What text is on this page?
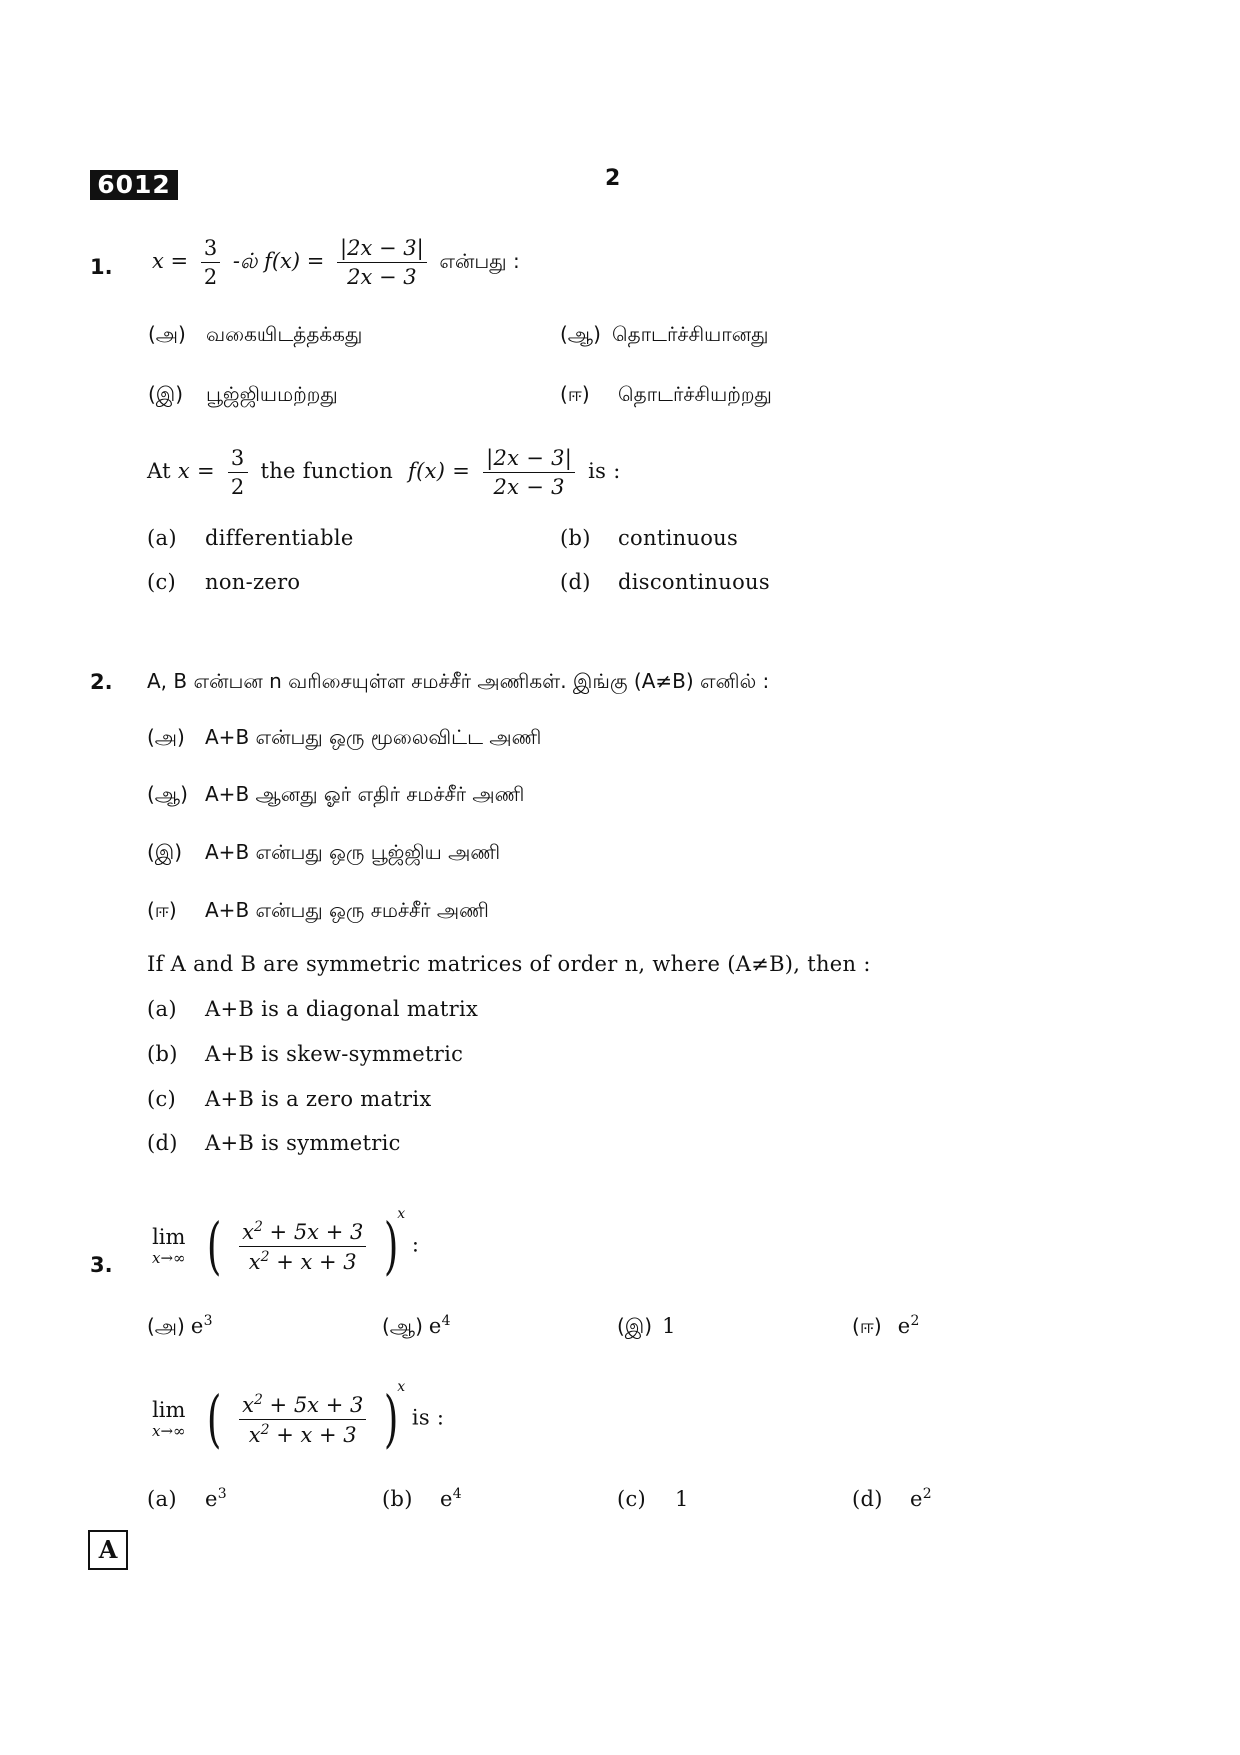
6012	2
1. $x = \frac{3}{2}$ -ல் $f(x) = \frac{|2x - 3|}{2x - 3}$ என்பது :
(அ) வகையிடத்தக்கது	(ஆ) தொடர்ச்சியானது
(இ) பூஜ்ஜியமற்றது	(ஈ) தொடர்ச்சியற்றது
At $x = \frac{3}{2}$ the function $f(x) = \frac{|2x - 3|}{2x - 3}$ is :
(a) differentiable	(b) continuous
(c) non-zero	(d) discontinuous
2. A, B என்பன n வரிசையுள்ள சமச்சீர் அணிகள். இங்கு (A≠B) எனில் :
(அ) A+B என்பது ஒரு மூலைவிட்ட அணி
(ஆ) A+B ஆனது ஓர் எதிர் சமச்சீர் அணி
(இ) A+B என்பது ஒரு பூஜ்ஜிய அணி
(ஈ) A+B என்பது ஒரு சமச்சீர் அணி
If A and B are symmetric matrices of order n, where (A≠B), then :
(a) A+B is a diagonal matrix
(b) A+B is skew-symmetric
(c) A+B is a zero matrix
(d) A+B is symmetric
3.
lim
x→∞ ( $\frac{x^2 + 5x + 3}{x^2 + x + 3} )^x$ :
(அ) $e^3$	(ஆ) $e^4$	(இ) 1	(ஈ) $e^2$
lim
x→∞ ( $\frac{x^2 + 5x + 3}{x^2 + x + 3} )^x$ is :
(a) $e^3$	(b) $e^4$	(c) 1	(d) $e^2$
A
